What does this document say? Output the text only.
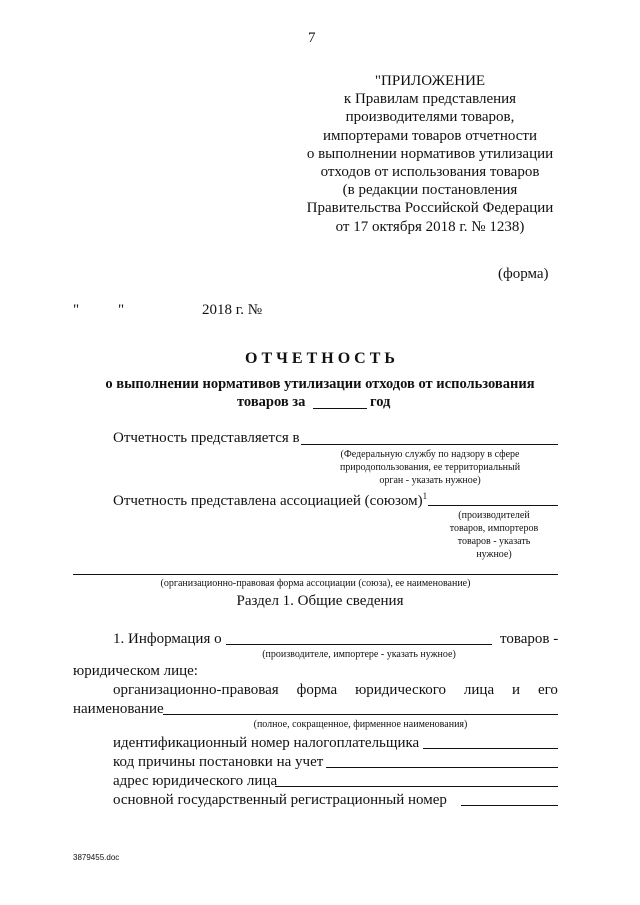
7
"ПРИЛОЖЕНИЕ
к Правилам представления
производителями товаров,
импортерами товаров отчетности
о выполнении нормативов утилизации
отходов от использования товаров
(в редакции постановления
Правительства Российской Федерации
от 17 октября 2018 г. № 1238)
(форма)
"	"	2018 г. №
О Т Ч Е Т Н О С Т Ь
о выполнении нормативов утилизации отходов от использования
товаров за	год
Отчетность представляется в
(Федеральную службу по надзору в сфере
природопользования, ее территориальный
орган - указать нужное)
Отчетность представлена ассоциацией (союзом)$^1$
(производителей
товаров, импортеров
товаров - указать
нужное)
(организационно-правовая форма ассоциации (союза), ее наименование)
Раздел 1. Общие сведения
1. Информация о	товаров -
(производителе, импортере - указать нужное)
юридическом лице:
организационно-правовая форма юридического лица и его
наименование
(полное, сокращенное, фирменное наименования)
идентификационный номер налогоплательщика
код причины постановки на учет
адрес юридического лица
основной государственный регистрационный номер
3879455.doc
